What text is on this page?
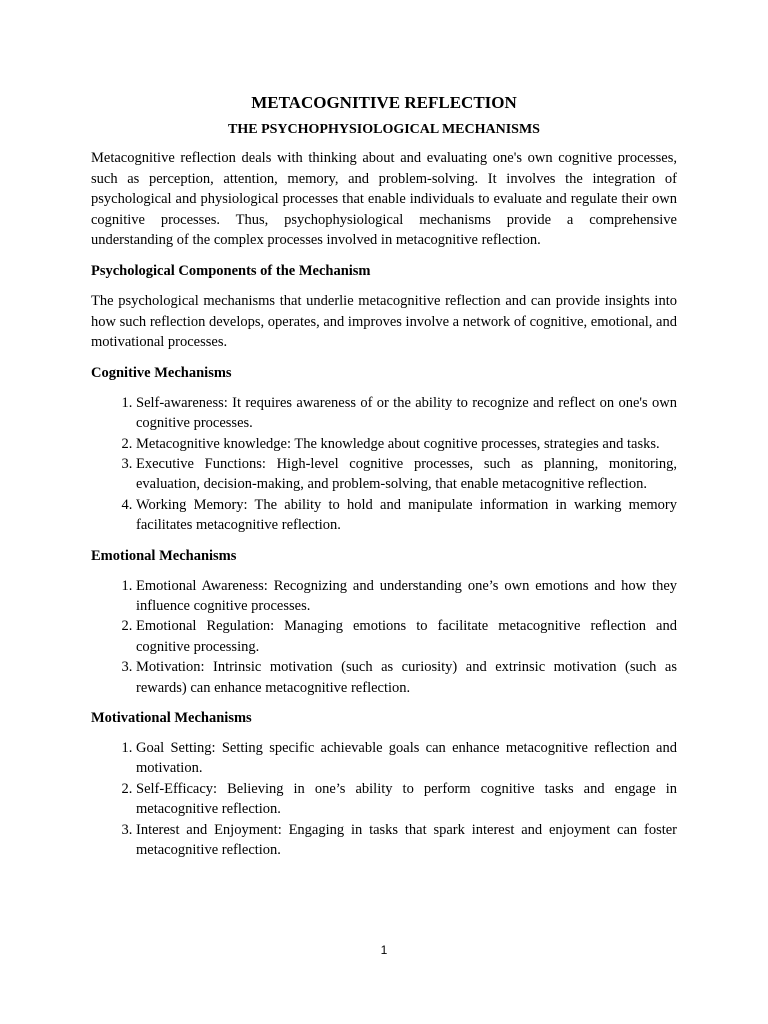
METACOGNITIVE REFLECTION
THE PSYCHOPHYSIOLOGICAL MECHANISMS

Metacognitive reflection deals with thinking about and evaluating one's own cognitive processes, such as perception, attention, memory, and problem-solving. It involves the integration of psychological and physiological processes that enable individuals to evaluate and regulate their own cognitive processes. Thus, psychophysiological mechanisms provide a comprehensive understanding of the complex processes involved in metacognitive reflection.

Psychological Components of the Mechanism

The psychological mechanisms that underlie metacognitive reflection and can provide insights into how such reflection develops, operates, and improves involve a network of cognitive, emotional, and motivational processes.

Cognitive Mechanisms
1. Self-awareness: It requires awareness of or the ability to recognize and reflect on one's own cognitive processes.
2. Metacognitive knowledge: The knowledge about cognitive processes, strategies and tasks.
3. Executive Functions: High-level cognitive processes, such as planning, monitoring, evaluation, decision-making, and problem-solving, that enable metacognitive reflection.
4. Working Memory: The ability to hold and manipulate information in warking memory facilitates metacognitive reflection.
Emotional Mechanisms
1. Emotional Awareness: Recognizing and understanding one’s own emotions and how they influence cognitive processes.
2. Emotional Regulation: Managing emotions to facilitate metacognitive reflection and cognitive processing.
3. Motivation: Intrinsic motivation (such as curiosity) and extrinsic motivation (such as rewards) can enhance metacognitive reflection.
Motivational Mechanisms
1. Goal Setting: Setting specific achievable goals can enhance metacognitive reflection and motivation.
2. Self-Efficacy: Believing in one’s ability to perform cognitive tasks and engage in metacognitive reflection.
3. Interest and Enjoyment: Engaging in tasks that spark interest and enjoyment can foster metacognitive reflection.
1
